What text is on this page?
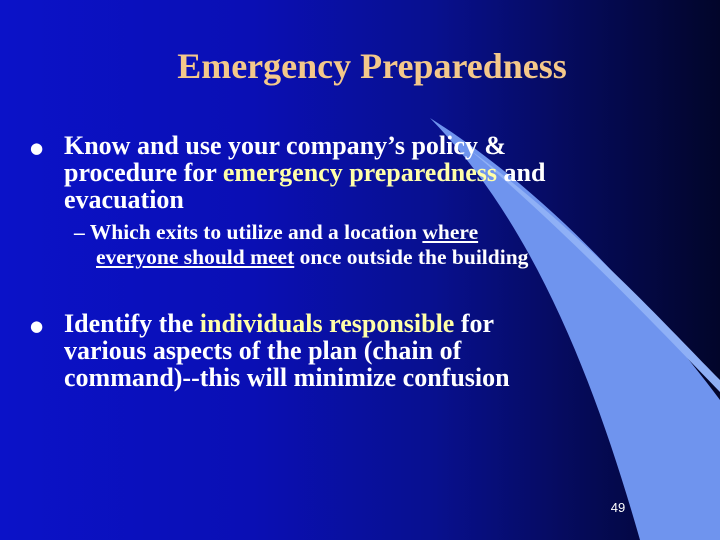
Emergency Preparedness
● Know and use your company’s policy &
procedure for emergency preparedness and
evacuation
– Which exits to utilize and a location where
everyone should meet once outside the building
● Identify the individuals responsible for
various aspects of the plan (chain of
command)--this will minimize confusion
49
